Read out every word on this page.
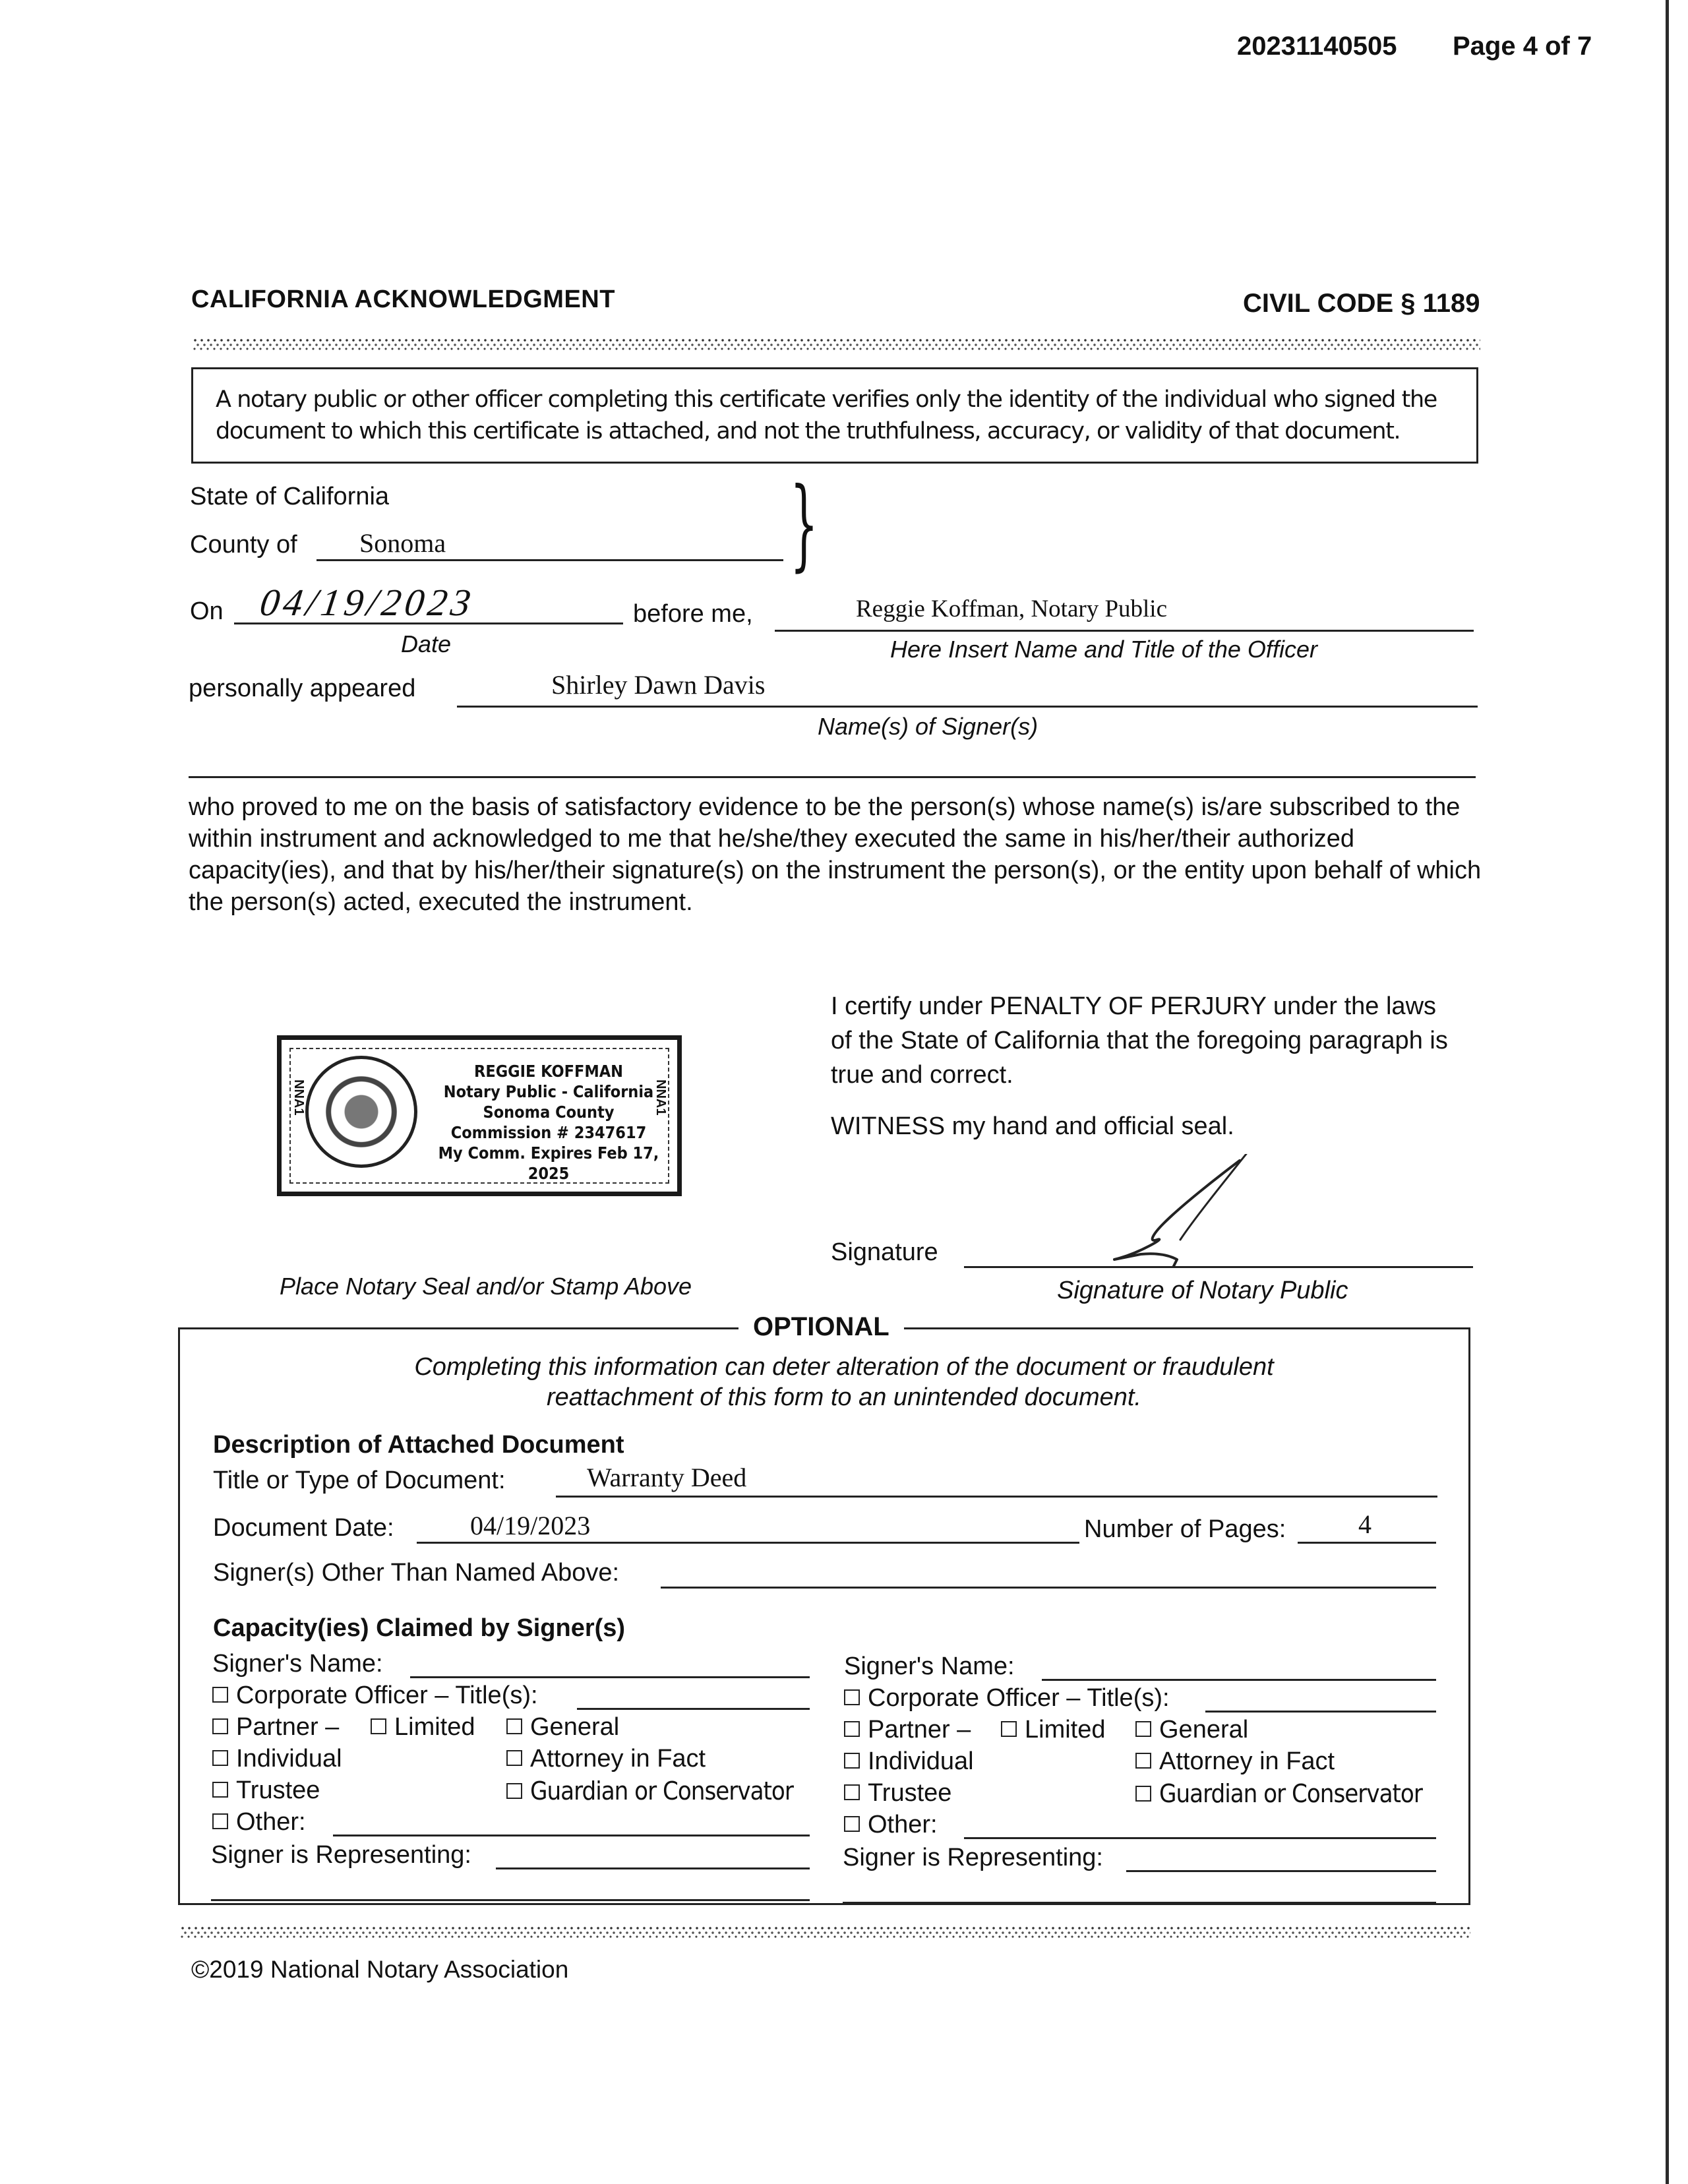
20231140505 Page 4 of 7
CALIFORNIA ACKNOWLEDGMENT	CIVIL CODE § 1189
A notary public or other officer completing this certificate verifies only the identity of the individual who signed the document to which this certificate is attached, and not the truthfulness, accuracy, or validity of that document.
State of California
County of Sonoma	}
On 04/19/2023
Date
before me,	Reggie Koffman, Notary Public
Here Insert Name and Title of the Officer
personally appeared	Shirley Dawn Davis
Name(s) of Signer(s)
who proved to me on the basis of satisfactory evidence to be the person(s) whose name(s) is/are subscribed to the within instrument and acknowledged to me that he/she/they executed the same in his/her/their authorized capacity(ies), and that by his/her/their signature(s) on the instrument the person(s), or the entity upon behalf of which the person(s) acted, executed the instrument.
I certify under PENALTY OF PERJURY under the laws of the State of California that the foregoing paragraph is true and correct.
WITNESS my hand and official seal.
NNA1	NNA1
REGGIE KOFFMAN
Notary Public - California
Sonoma County
Commission # 2347617
My Comm. Expires Feb 17, 2025
Place Notary Seal and/or Stamp Above
Signature
Signature of Notary Public
OPTIONAL
Completing this information can deter alteration of the document or fraudulent reattachment of this form to an unintended document.
Description of Attached Document
Title or Type of Document:	Warranty Deed
Document Date:	04/19/2023	Number of Pages:	4
Signer(s) Other Than Named Above:
Capacity(ies) Claimed by Signer(s)
Signer's Name:
Corporate Officer – Title(s):
Partner –	Limited	General
Individual	Attorney in Fact
Trustee	Guardian or Conservator
Other:
Signer is Representing:
Signer's Name:
Corporate Officer – Title(s):
Partner –	Limited	General
Individual	Attorney in Fact
Trustee	Guardian or Conservator
Other:
Signer is Representing:
©2019 National Notary Association
